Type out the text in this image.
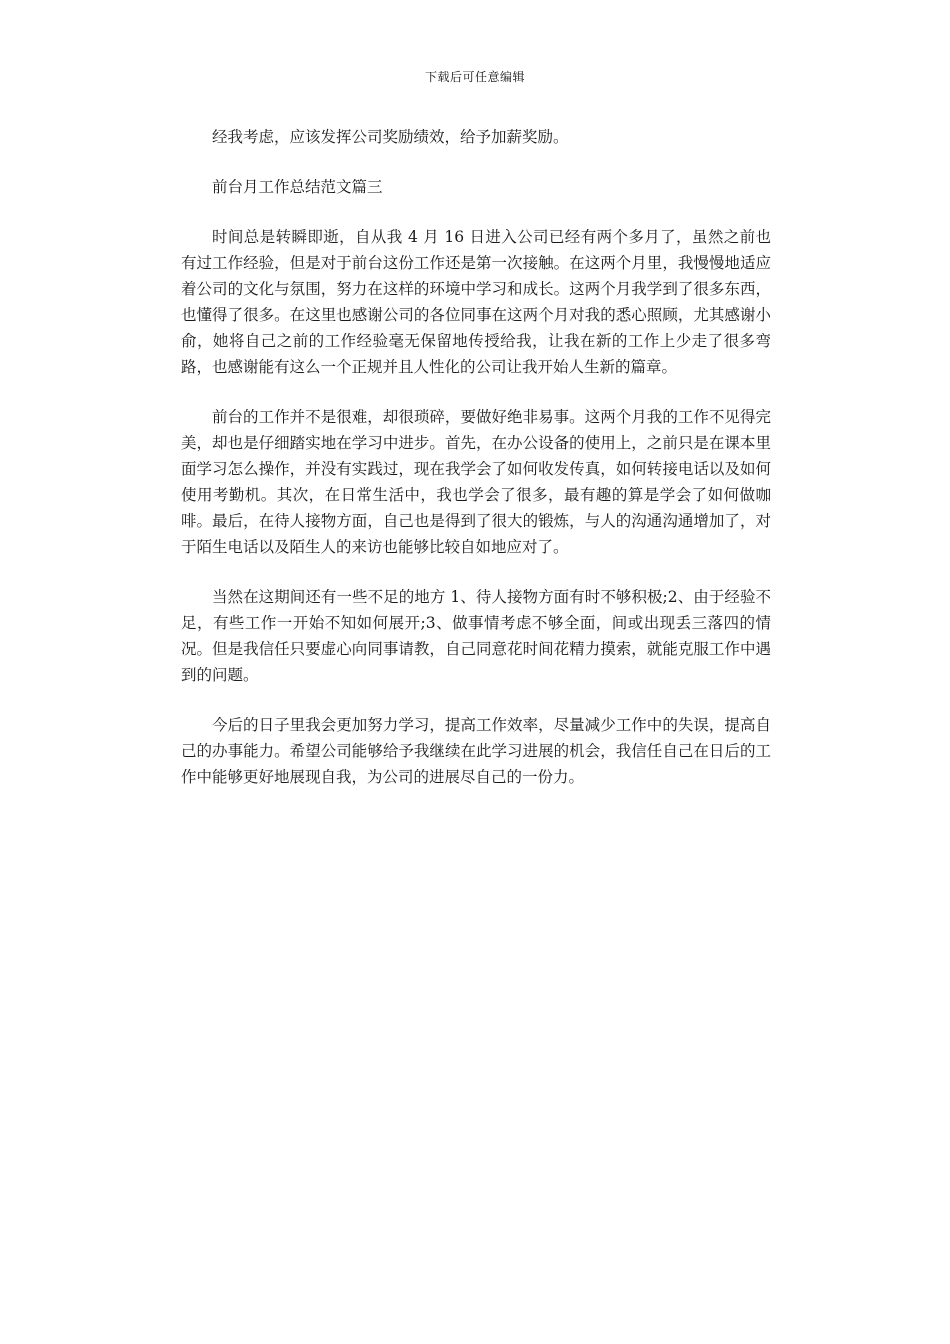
下载后可任意编辑

经我考虑，应该发挥公司奖励绩效，给予加薪奖励。

前台月工作总结范文篇三

时间总是转瞬即逝，自从我 4 月 16 日进入公司已经有两个多月了，虽然之前也有过工作经验，但是对于前台这份工作还是第一次接触。在这两个月里，我慢慢地适应着公司的文化与氛围，努力在这样的环境中学习和成长。这两个月我学到了很多东西，也懂得了很多。在这里也感谢公司的各位同事在这两个月对我的悉心照顾，尤其感谢小俞，她将自己之前的工作经验毫无保留地传授给我，让我在新的工作上少走了很多弯路，也感谢能有这么一个正规并且人性化的公司让我开始人生新的篇章。

前台的工作并不是很难，却很琐碎，要做好绝非易事。这两个月我的工作不见得完美，却也是仔细踏实地在学习中进步。首先，在办公设备的使用上，之前只是在课本里面学习怎么操作，并没有实践过，现在我学会了如何收发传真，如何转接电话以及如何使用考勤机。其次，在日常生活中，我也学会了很多，最有趣的算是学会了如何做咖啡。最后，在待人接物方面，自己也是得到了很大的锻炼，与人的沟通沟通增加了，对于陌生电话以及陌生人的来访也能够比较自如地应对了。

当然在这期间还有一些不足的地方 1、待人接物方面有时不够积极;2、由于经验不足，有些工作一开始不知如何展开;3、做事情考虑不够全面，间或出现丢三落四的情况。但是我信任只要虚心向同事请教，自己同意花时间花精力摸索，就能克服工作中遇到的问题。

今后的日子里我会更加努力学习，提高工作效率，尽量减少工作中的失误，提高自己的办事能力。希望公司能够给予我继续在此学习进展的机会，我信任自己在日后的工作中能够更好地展现自我，为公司的进展尽自己的一份力。
